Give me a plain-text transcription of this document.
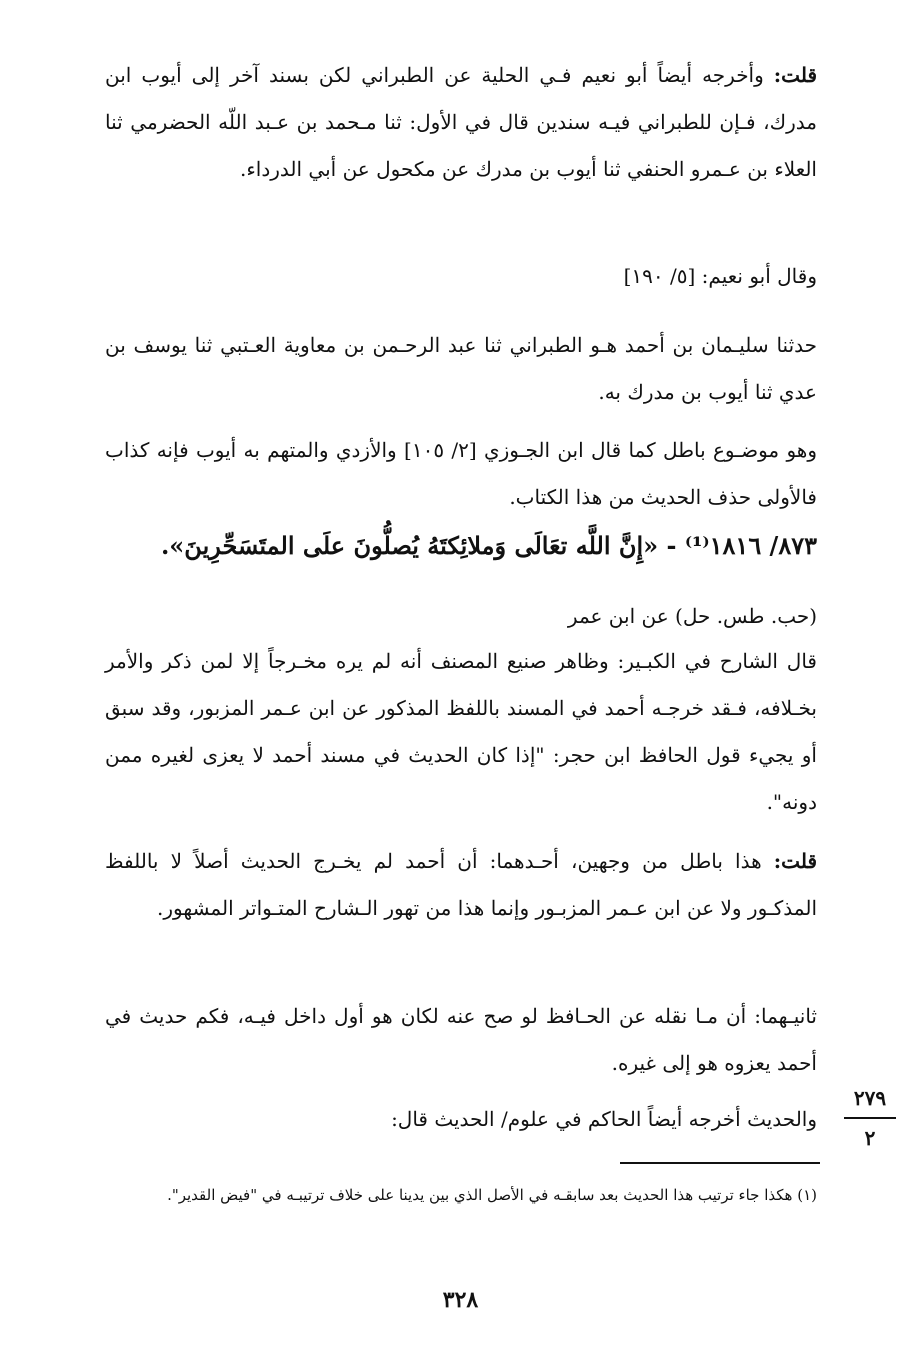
قلت: وأخرجه أيضاً أبو نعيم فـي الحلية عن الطبراني لكن بسند آخر إلى أيوب ابن مدرك، فـإن للطبراني فيـه سندين قال في الأول: ثنا مـحمد بن عـبد اللّه الحضرمي ثنا العلاء بن عـمرو الحنفي ثنا أيوب بن مدرك عن مكحول عن أبي الدرداء.
وقال أبو نعيم: [٥/ ١٩٠]
حدثنا سليـمان بن أحمد هـو الطبراني ثنا عبد الرحـمن بن معاوية العـتبي ثنا يوسف بن عدي ثنا أيوب بن مدرك به.
وهو موضـوع باطل كما قال ابن الجـوزي [٢/ ١٠٥] والأزدي والمتهم به أيوب فإنه كذاب فالأولى حذف الحديث من هذا الكتاب.
٨٧٣/ ١٨١٦⁽¹⁾ - «إِنَّ اللَّه تعَالَى وَملائِكتَهُ يُصلُّونَ علَى المتَسَحِّرِينَ».
(حب. طس. حل) عن ابن عمر
قال الشارح في الكبـير: وظاهر صنيع المصنف أنه لم يره مخـرجاً إلا لمن ذكر والأمر بخـلافه، فـقد خرجـه أحمد في المسند باللفظ المذكور عن ابن عـمر المزبور، وقد سبق أو يجيء قول الحافظ ابن حجر: "إذا كان الحديث في مسند أحمد لا يعزى لغيره ممن دونه".
قلت: هذا باطل من وجهين، أحـدهما: أن أحمد لم يخـرج الحديث أصلاً لا باللفظ المذكـور ولا عن ابن عـمر المزبـور وإنما هذا من تهور الـشارح المتـواتر المشهور.
ثانيـهما: أن مـا نقله عن الحـافظ لو صح عنه لكان هو أول داخل فيـه، فكم حديث في أحمد يعزوه هو إلى غيره.
والحديث أخرجه أيضاً الحاكم في علوم/ الحديث قال:
٢٧٩
٢
(١) هكذا جاء ترتيب هذا الحديث بعد سابقـه في الأصل الذي بين يدينا على خلاف ترتيبـه في "فيض القدير".
٣٢٨
